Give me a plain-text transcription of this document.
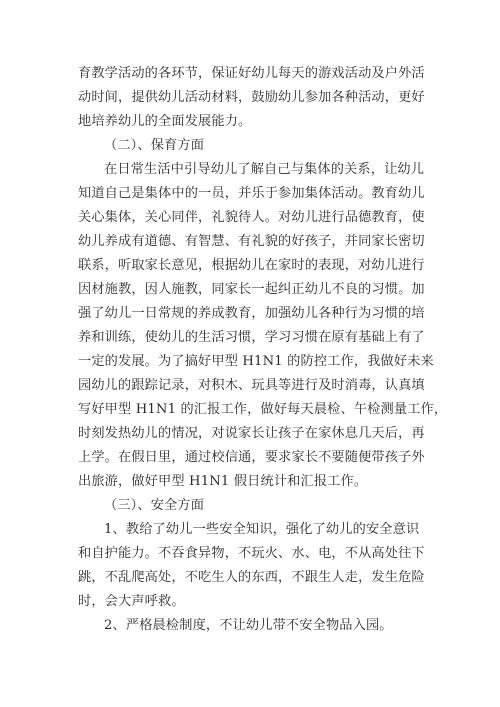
育教学活动的各环节，保证好幼儿每天的游戏活动及户外活
动时间，提供幼儿活动材料，鼓励幼儿参加各种活动，更好
地培养幼儿的全面发展能力。
（二）、保育方面
在日常生活中引导幼儿了解自己与集体的关系，让幼儿
知道自己是集体中的一员，并乐于参加集体活动。教育幼儿
关心集体，关心同伴，礼貌待人。对幼儿进行品德教育，使
幼儿养成有道德、有智慧、有礼貌的好孩子，并同家长密切
联系，听取家长意见，根据幼儿在家时的表现，对幼儿进行
因材施教，因人施教，同家长一起纠正幼儿不良的习惯。加
强了幼儿一日常规的养成教育，加强幼儿各种行为习惯的培
养和训练，使幼儿的生活习惯，学习习惯在原有基础上有了
一定的发展。为了搞好甲型 H1N1 的防控工作，我做好未来
园幼儿的跟踪记录，对积木、玩具等进行及时消毒，认真填
写好甲型 H1N1 的汇报工作，做好每天晨检、午检测量工作，
时刻发热幼儿的情况，对说家长让孩子在家休息几天后，再
上学。在假日里，通过校信通，要求家长不要随便带孩子外
出旅游，做好甲型 H1N1 假日统计和汇报工作。
（三）、安全方面
1、教给了幼儿一些安全知识，强化了幼儿的安全意识
和自护能力。不吞食异物，不玩火、水、电，不从高处往下
跳，不乱爬高处，不吃生人的东西，不跟生人走，发生危险
时，会大声呼救。
2、严格晨检制度，不让幼儿带不安全物品入园。
